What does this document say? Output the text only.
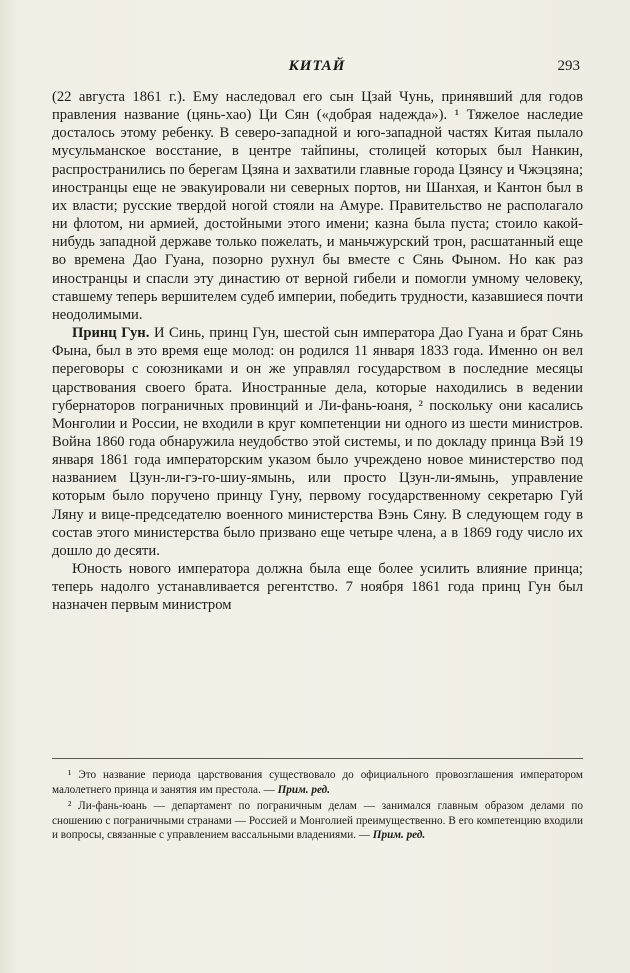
КИТАЙ	293

(22 августа 1861 г.). Ему наследовал его сын Цзай Чунь, принявший для годов правления название (цянь-хао) Ци Сян («добрая надежда»). ¹ Тяжелое наследие досталось этому ребенку. В северо-западной и юго-западной частях Китая пылало мусульманское восстание, в центре тайпины, столицей которых был Нанкин, распространились по берегам Цзяна и захватили главные города Цзянсу и Чжэцзяна; иностранцы еще не эвакуировали ни северных портов, ни Шанхая, и Кантон был в их власти; русские твердой ногой стояли на Амуре. Правительство не располагало ни флотом, ни армией, достойными этого имени; казна была пуста; стоило какой-нибудь западной державе только пожелать, и маньчжурский трон, расшатанный еще во времена Дао Гуана, позорно рухнул бы вместе с Сянь Фыном. Но как раз иностранцы и спасли эту династию от верной гибели и помогли умному человеку, ставшему теперь вершителем судеб империи, победить трудности, казавшиеся почти неодолимыми.

Принц Гун. И Синь, принц Гун, шестой сын императора Дао Гуана и брат Сянь Фына, был в это время еще молод: он родился 11 января 1833 года. Именно он вел переговоры с союзниками и он же управлял государством в последние месяцы царствования своего брата. Иностранные дела, которые находились в ведении губернаторов пограничных провинций и Ли-фань-юаня, ² поскольку они касались Монголии и России, не входили в круг компетенции ни одного из шести министров. Война 1860 года обнаружила неудобство этой системы, и по докладу принца Вэй 19 января 1861 года императорским указом было учреждено новое министерство под названием Цзун-ли-гэ-го-шиу-ямынь, или просто Цзун-ли-ямынь, управление которым было поручено принцу Гуну, первому государственному секретарю Гуй Ляну и вице-председателю военного министерства Вэнь Сяну. В следующем году в состав этого министерства было призвано еще четыре члена, а в 1869 году число их дошло до десяти.

Юность нового императора должна была еще более усилить влияние принца; теперь надолго устанавливается регентство. 7 ноября 1861 года принц Гун был назначен первым министром

¹ Это название периода царствования существовало до официального провозглашения императором малолетнего принца и занятия им престола. — Прим. ред.

² Ли-фань-юань — департамент по пограничным делам — занимался главным образом делами по сношению с пограничными странами — Россией и Монголией преимущественно. В его компетенцию входили и вопросы, связанные с управлением вассальными владениями. — Прим. ред.
